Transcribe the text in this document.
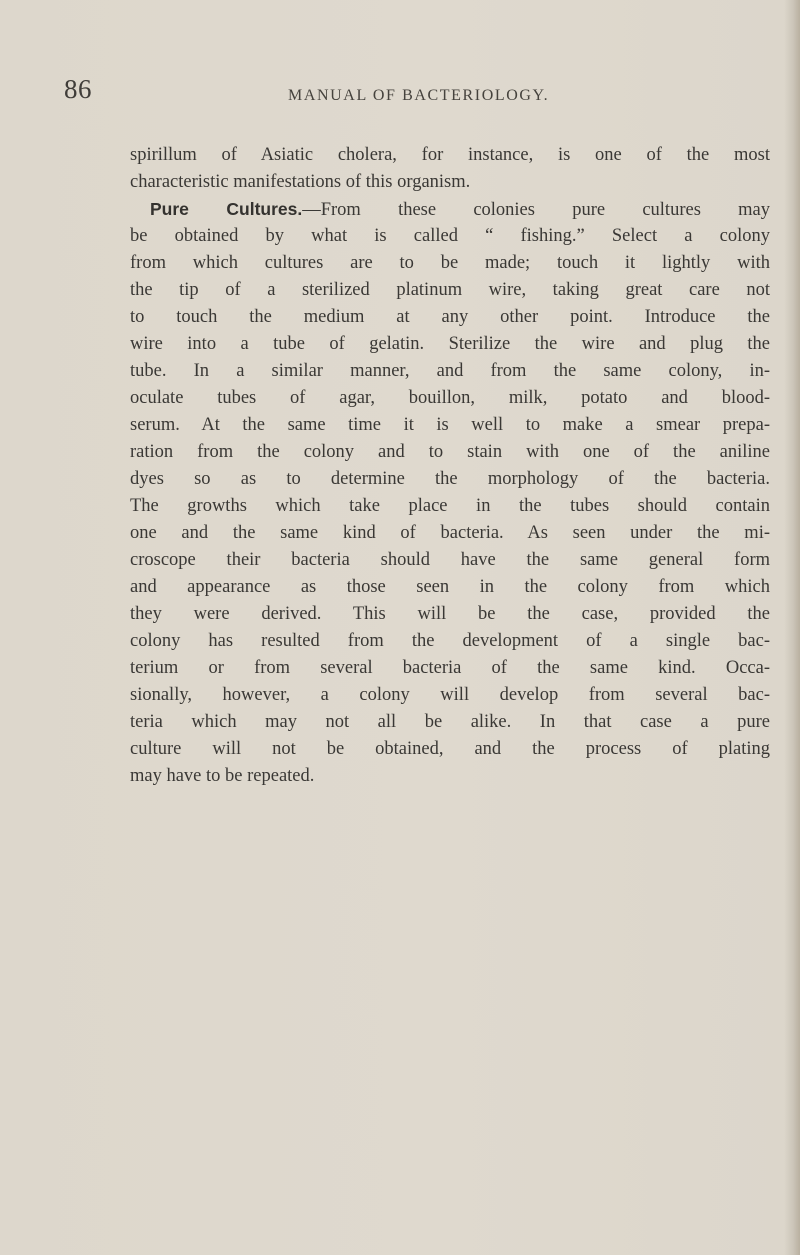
86	MANUAL OF BACTERIOLOGY.
spirillum of Asiatic cholera, for instance, is one of the most
characteristic manifestations of this organism.
Pure Cultures.—From these colonies pure cultures may
be obtained by what is called “ fishing.” Select a colony
from which cultures are to be made; touch it lightly with
the tip of a sterilized platinum wire, taking great care not
to touch the medium at any other point. Introduce the
wire into a tube of gelatin. Sterilize the wire and plug the
tube. In a similar manner, and from the same colony, in-
oculate tubes of agar, bouillon, milk, potato and blood-
serum. At the same time it is well to make a smear prepa-
ration from the colony and to stain with one of the aniline
dyes so as to determine the morphology of the bacteria.
The growths which take place in the tubes should contain
one and the same kind of bacteria. As seen under the mi-
croscope their bacteria should have the same general form
and appearance as those seen in the colony from which
they were derived. This will be the case, provided the
colony has resulted from the development of a single bac-
terium or from several bacteria of the same kind. Occa-
sionally, however, a colony will develop from several bac-
teria which may not all be alike. In that case a pure
culture will not be obtained, and the process of plating
may have to be repeated.
